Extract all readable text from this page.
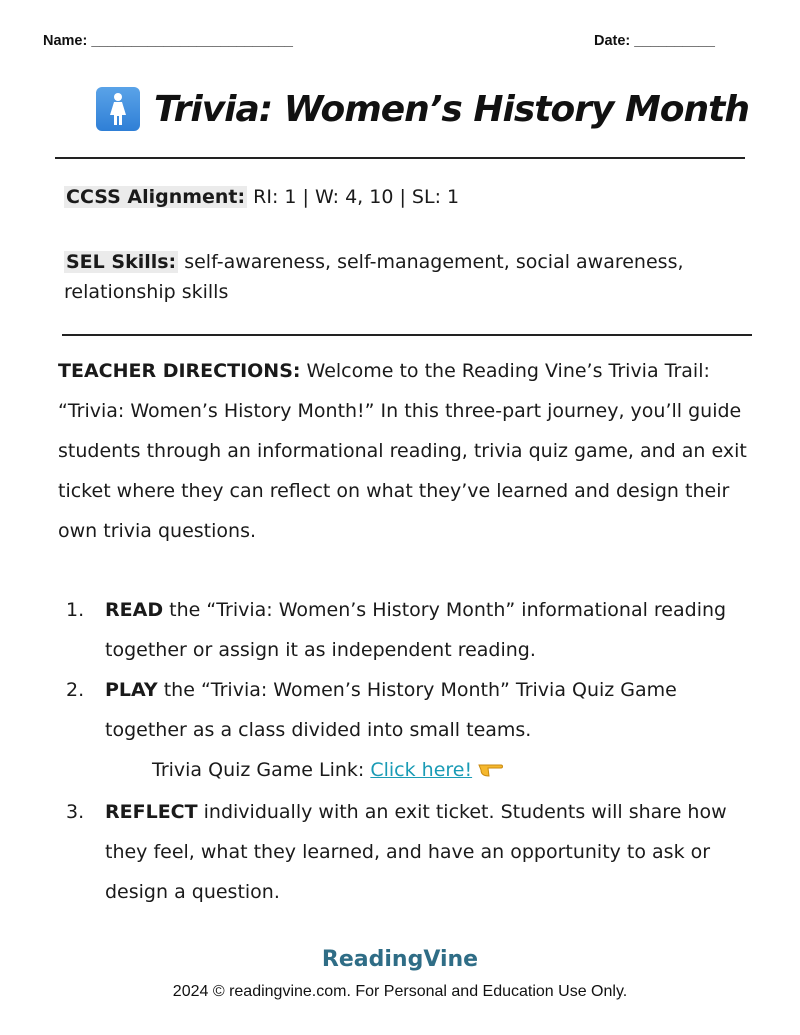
Name: _________________________	Date: __________
Trivia: Women’s History Month
CCSS Alignment: RI: 1 | W: 4, 10 | SL: 1
SEL Skills: self-awareness, self-management, social awareness, relationship skills
TEACHER DIRECTIONS: Welcome to the Reading Vine’s Trivia Trail: “Trivia: Women’s History Month!” In this three-part journey, you’ll guide students through an informational reading, trivia quiz game, and an exit ticket where they can reflect on what they’ve learned and design their own trivia questions.
1. READ the “Trivia: Women’s History Month” informational reading together or assign it as independent reading.
2. PLAY the “Trivia: Women’s History Month” Trivia Quiz Game together as a class divided into small teams.
Trivia Quiz Game Link: Click here!
3. REFLECT individually with an exit ticket. Students will share how they feel, what they learned, and have an opportunity to ask or design a question.
ReadingVine
2024 © readingvine.com. For Personal and Education Use Only.
